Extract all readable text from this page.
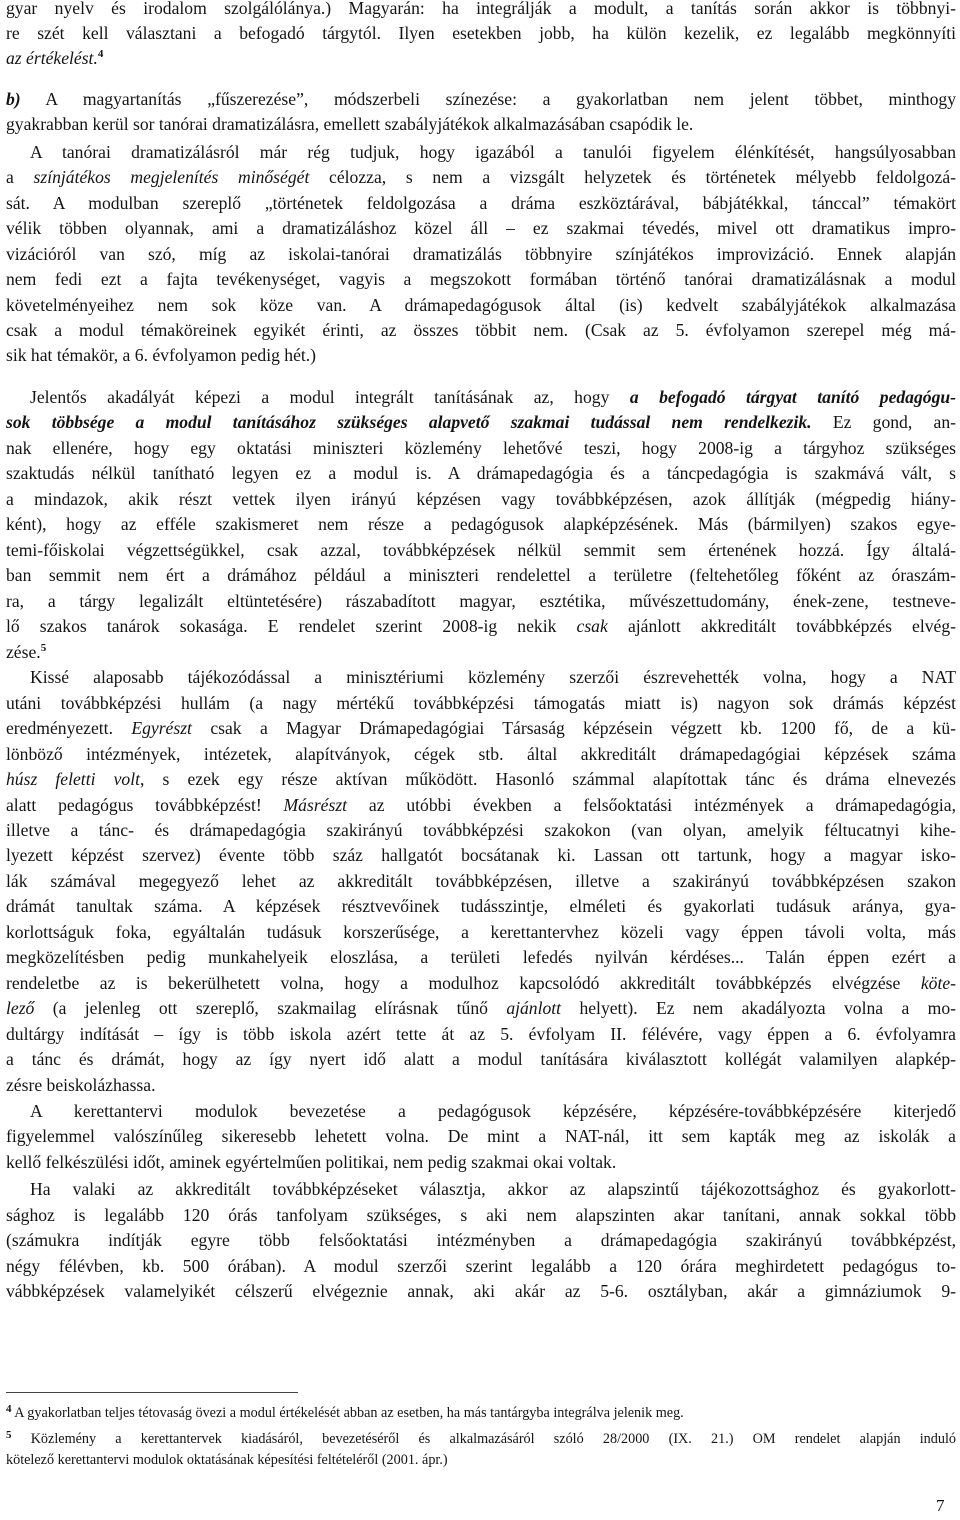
gyar nyelv és irodalom szolgálólánya.) Magyarán: ha integrálják a modult, a tanítás során akkor is többnyi-
re szét kell választani a befogadó tárgytól. Ilyen esetekben jobb, ha külön kezelik, ez legalább megkönnyíti
az értékelést.$^4$
b) A magyartanítás „fűszerezése”, módszerbeli színezése: a gyakorlatban nem jelent többet, minthogy
gyakrabban kerül sor tanórai dramatizálásra, emellett szabályjátékok alkalmazásában csapódik le.
A tanórai dramatizálásról már rég tudjuk, hogy igazából a tanulói figyelem élénkítését, hangsúlyosabban
a színjátékos megjelenítés minőségét célozza, s nem a vizsgált helyzetek és történetek mélyebb feldolgozá-
sát. A modulban szereplő „történetek feldolgozása a dráma eszköztárával, bábjátékkal, tánccal” témakört
vélik többen olyannak, ami a dramatizáláshoz közel áll – ez szakmai tévedés, mivel ott dramatikus impro-
vizációról van szó, míg az iskolai-tanórai dramatizálás többnyire színjátékos improvizáció. Ennek alapján
nem fedi ezt a fajta tevékenységet, vagyis a megszokott formában történő tanórai dramatizálásnak a modul
követelményeihez nem sok köze van. A drámapedagógusok által (is) kedvelt szabályjátékok alkalmazása
csak a modul témaköreinek egyikét érinti, az összes többit nem. (Csak az 5. évfolyamon szerepel még má-
sik hat témakör, a 6. évfolyamon pedig hét.)
Jelentős akadályát képezi a modul integrált tanításának az, hogy a befogadó tárgyat tanító pedagógu-
sok többsége a modul tanításához szükséges alapvető szakmai tudással nem rendelkezik. Ez gond, an-
nak ellenére, hogy egy oktatási miniszteri közlemény lehetővé teszi, hogy 2008-ig a tárgyhoz szükséges
szaktudás nélkül tanítható legyen ez a modul is. A drámapedagógia és a táncpedagógia is szakmává vált, s
a mindazok, akik részt vettek ilyen irányú képzésen vagy továbbképzésen, azok állítják (mégpedig hiány-
ként), hogy az efféle szakismeret nem része a pedagógusok alapképzésének. Más (bármilyen) szakos egye-
temi-főiskolai végzettségükkel, csak azzal, továbbképzések nélkül semmit sem értenének hozzá. Így általá-
ban semmit nem ért a drámához például a miniszteri rendelettel a területre (feltehetőleg főként az óraszám-
ra, a tárgy legalizált eltüntetésére) rászabadított magyar, esztétika, művészettudomány, ének-zene, testneve-
lő szakos tanárok sokasága. E rendelet szerint 2008-ig nekik csak ajánlott akkreditált továbbképzés elvég-
zése.$^5$
Kissé alaposabb tájékozódással a minisztériumi közlemény szerzői észrevehették volna, hogy a NAT
utáni továbbképzési hullám (a nagy mértékű továbbképzési támogatás miatt is) nagyon sok drámás képzést
eredményezett. Egyrészt csak a Magyar Drámapedagógiai Társaság képzésein végzett kb. 1200 fő, de a kü-
lönböző intézmények, intézetek, alapítványok, cégek stb. által akkreditált drámapedagógiai képzések száma
húsz feletti volt, s ezek egy része aktívan működött. Hasonló számmal alapítottak tánc és dráma elnevezés
alatt pedagógus továbbképzést! Másrészt az utóbbi években a felsőoktatási intézmények a drámapedagógia,
illetve a tánc- és drámapedagógia szakirányú továbbképzési szakokon (van olyan, amelyik féltucatnyi kihe-
lyezett képzést szervez) évente több száz hallgatót bocsátanak ki. Lassan ott tartunk, hogy a magyar isko-
lák számával megegyező lehet az akkreditált továbbképzésen, illetve a szakirányú továbbképzésen szakon
drámát tanultak száma. A képzések résztvevőinek tudásszintje, elméleti és gyakorlati tudásuk aránya, gya-
korlottságuk foka, egyáltalán tudásuk korszerűsége, a kerettantervhez közeli vagy éppen távoli volta, más
megközelítésben pedig munkahelyeik eloszlása, a területi lefedés nyilván kérdéses... Talán éppen ezért a
rendeletbe az is bekerülhetett volna, hogy a modulhoz kapcsolódó akkreditált továbbképzés elvégzése köte-
lező (a jelenleg ott szereplő, szakmailag elírásnak tűnő ajánlott helyett). Ez nem akadályozta volna a mo-
dultárgy indítását – így is több iskola azért tette át az 5. évfolyam II. félévére, vagy éppen a 6. évfolyamra
a tánc és drámát, hogy az így nyert idő alatt a modul tanítására kiválasztott kollégát valamilyen alapkép-
zésre beiskolázhassa.
A kerettantervi modulok bevezetése a pedagógusok képzésére, képzésére-továbbképzésére kiterjedő
figyelemmel valószínűleg sikeresebb lehetett volna. De mint a NAT-nál, itt sem kapták meg az iskolák a
kellő felkészülési időt, aminek egyértelműen politikai, nem pedig szakmai okai voltak.
Ha valaki az akkreditált továbbképzéseket választja, akkor az alapszintű tájékozottsághoz és gyakorlott-
sághoz is legalább 120 órás tanfolyam szükséges, s aki nem alapszinten akar tanítani, annak sokkal több
(számukra indítják egyre több felsőoktatási intézményben a drámapedagógia szakirányú továbbképzést,
négy félévben, kb. 500 órában). A modul szerzői szerint legalább a 120 órára meghirdetett pedagógus to-
vábbképzések valamelyikét célszerű elvégeznie annak, aki akár az 5-6. osztályban, akár a gimnáziumok 9-
$^4$ A gyakorlatban teljes tétovaság övezi a modul értékelését abban az esetben, ha más tantárgyba integrálva jelenik meg.
$^5$ Közlemény a kerettantervek kiadásáról, bevezetéséről és alkalmazásáról szóló 28/2000 (IX. 21.) OM rendelet alapján induló
kötelező kerettantervi modulok oktatásának képesítési feltételéről (2001. ápr.)
7
